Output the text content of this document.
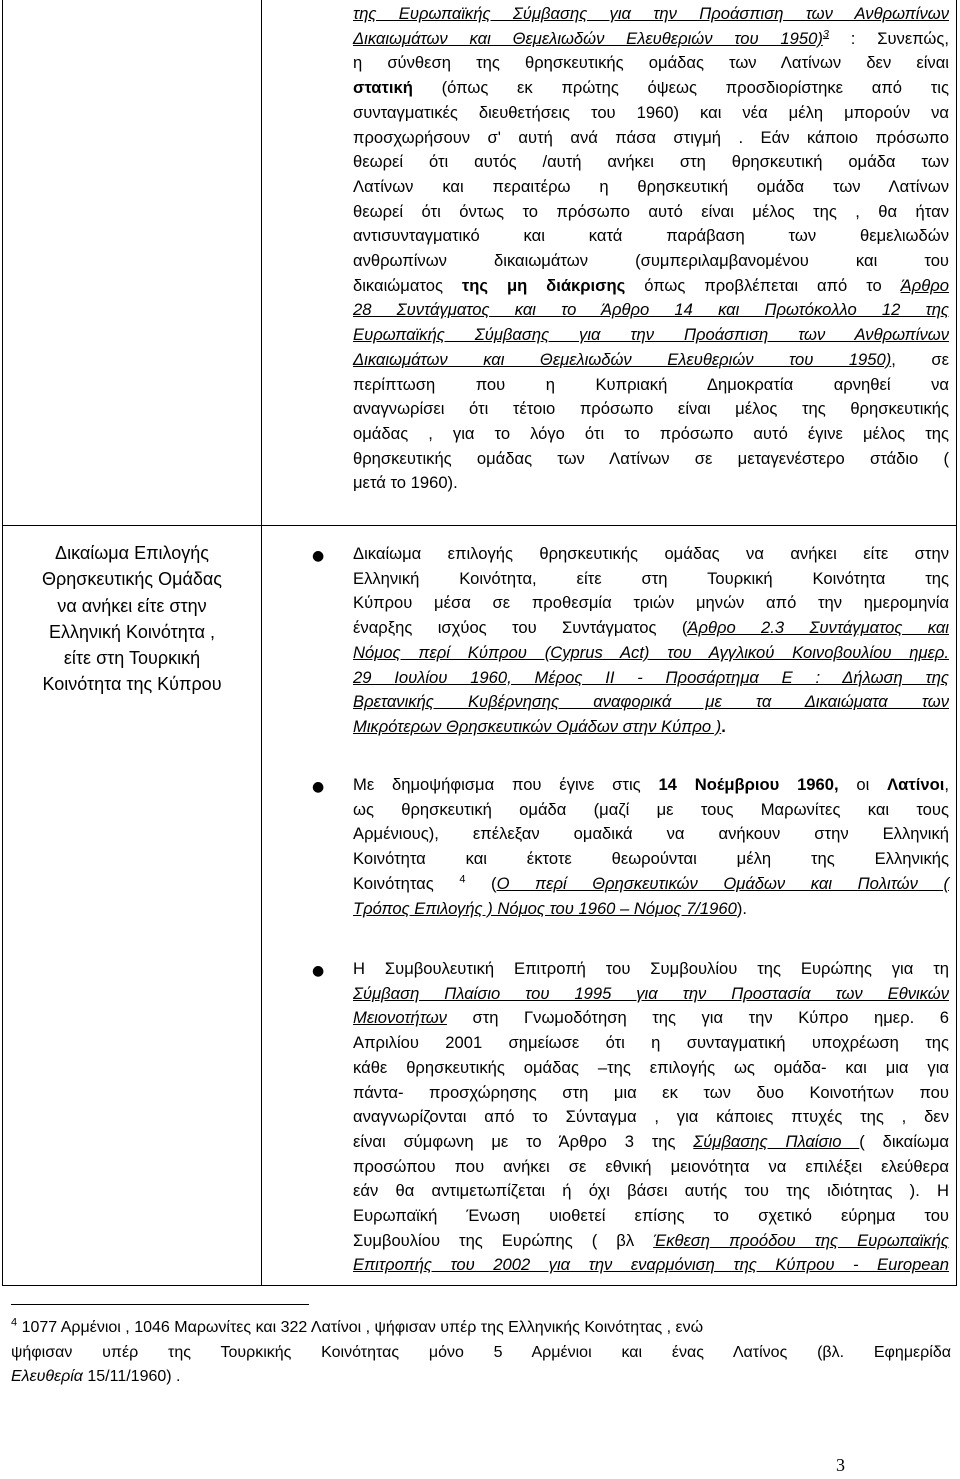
Δικαίωμα Επιλογής
Θρησκευτικής Ομάδας
να ανήκει είτε στην
Ελληνική Κοινότητα ,
είτε στη Τουρκική
Κοινότητα της Κύπρου
της Ευρωπαϊκής Σύμβασης για την Προάσπιση των Ανθρωπίνων
Δικαιωμάτων και Θεμελιωδών Ελευθεριών του 1950)$^3$ : Συνεπώς,
η σύνθεση της θρησκευτικής ομάδας των Λατίνων δεν είναι
στατική (όπως εκ πρώτης όψεως προσδιορίστηκε από τις
συνταγματικές διευθετήσεις του 1960) και νέα μέλη μπορούν να
προσχωρήσουν σ' αυτή ανά πάσα στιγμή . Εάν κάποιο πρόσωπο
θεωρεί ότι αυτός /αυτή ανήκει στη θρησκευτική ομάδα των
Λατίνων και περαιτέρω η θρησκευτική ομάδα των Λατίνων
θεωρεί ότι όντως το πρόσωπο αυτό είναι μέλος της , θα ήταν
αντισυνταγματικό και κατά παράβαση των θεμελιωδών
ανθρωπίνων δικαιωμάτων (συμπεριλαμβανομένου και του
δικαιώματος της μη διάκρισης όπως προβλέπεται από το Άρθρο
28 Συντάγματος και το Άρθρο 14 και Πρωτόκολλο 12 της
Ευρωπαϊκής Σύμβασης για την Προάσπιση των Ανθρωπίνων
Δικαιωμάτων και Θεμελιωδών Ελευθεριών του 1950), σε
περίπτωση που η Κυπριακή Δημοκρατία αρνηθεί να
αναγνωρίσει ότι τέτοιο πρόσωπο είναι μέλος της θρησκευτικής
ομάδας , για το λόγο ότι το πρόσωπο αυτό έγινε μέλος της
θρησκευτικής ομάδας των Λατίνων σε μεταγενέστερο στάδιο (
μετά το 1960).
● Δικαίωμα επιλογής θρησκευτικής ομάδας να ανήκει είτε στην
Ελληνική Κοινότητα, είτε στη Τουρκική Κοινότητα της
Κύπρου μέσα σε προθεσμία τριών μηνών από την ημερομηνία
έναρξης ισχύος του Συντάγματος (Άρθρο 2.3 Συντάγματος και
Νόμος περί Κύπρου (Cyprus Act) του Αγγλικού Κοινοβουλίου ημερ.
29 Ιουλίου 1960, Μέρος ΙΙ - Προσάρτημα Ε : Δήλωση της
Βρετανικής Κυβέρνησης αναφορικά με τα Δικαιώματα των
Μικρότερων Θρησκευτικών Ομάδων στην Κύπρο ).
● Με δημοψήφισμα που έγινε στις 14 Νοέμβριου 1960, οι Λατίνοι,
ως θρησκευτική ομάδα (μαζί με τους Μαρωνίτες και τους
Αρμένιους), επέλεξαν ομαδικά να ανήκουν στην Ελληνική
Κοινότητα και έκτοτε θεωρούνται μέλη της Ελληνικής
Κοινότητας $^4$ (Ο περί Θρησκευτικών Ομάδων και Πολιτών (
Τρόπος Επιλογής ) Νόμος του 1960 – Νόμος 7/1960).
● Η Συμβουλευτική Επιτροπή του Συμβουλίου της Ευρώπης για τη
Σύμβαση Πλαίσιο του 1995 για την Προστασία των Εθνικών
Μειονοτήτων στη Γνωμοδότηση της για την Κύπρο ημερ. 6
Απριλίου 2001 σημείωσε ότι η συνταγματική υποχρέωση της
κάθε θρησκευτικής ομάδας –της επιλογής ως ομάδα- και μια για
πάντα- προσχώρησης στη μια εκ των δυο Κοινοτήτων που
αναγνωρίζονται από το Σύνταγμα , για κάποιες πτυχές της , δεν
είναι σύμφωνη με το Άρθρο 3 της Σύμβασης Πλαίσιο ( δικαίωμα
προσώπου που ανήκει σε εθνική μειονότητα να επιλέξει ελεύθερα
εάν θα αντιμετωπίζεται ή όχι βάσει αυτής του της ιδιότητας ). Η
Ευρωπαϊκή Ένωση υιοθετεί επίσης το σχετικό εύρημα του
Συμβουλίου της Ευρώπης ( βλ Έκθεση προόδου της Ευρωπαϊκής
Επιτροπής του 2002 για την εναρμόνιση της Κύπρου - European
$^4$ 1077 Αρμένιοι , 1046 Μαρωνίτες και 322 Λατίνοι , ψήφισαν υπέρ της Ελληνικής Κοινότητας , ενώ
ψήφισαν υπέρ της Τουρκικής Κοινότητας μόνο 5 Αρμένιοι και ένας Λατίνος (βλ. Εφημερίδα
Ελευθερία 15/11/1960) .
3
